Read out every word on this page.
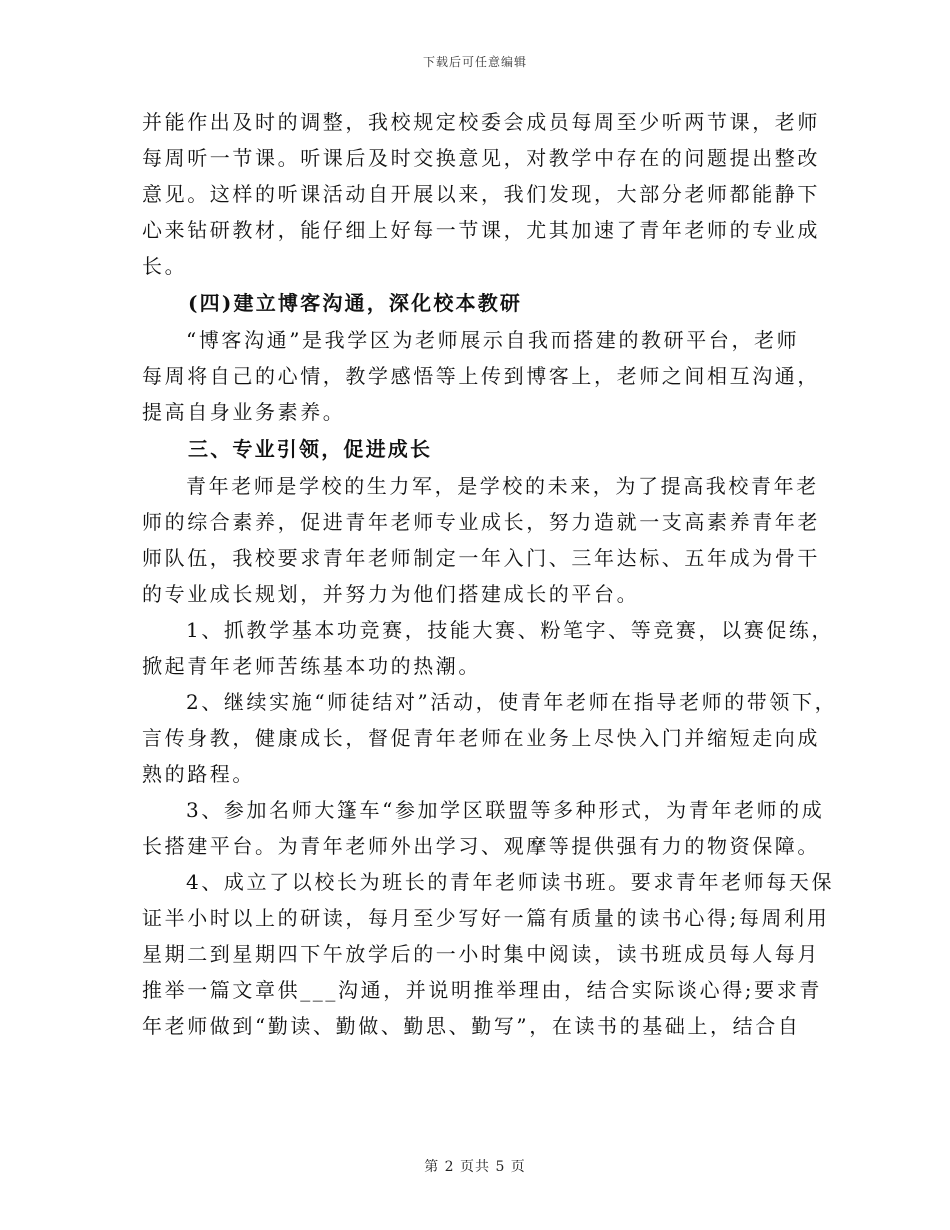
下载后可任意编辑
并能作出及时的调整，我校规定校委会成员每周至少听两节课，老师
每周听一节课。听课后及时交换意见，对教学中存在的问题提出整改
意见。这样的听课活动自开展以来，我们发现，大部分老师都能静下
心来钻研教材，能仔细上好每一节课，尤其加速了青年老师的专业成
长。
(四)建立博客沟通，深化校本教研
“博客沟通”是我学区为老师展示自我而搭建的教研平台，老师
每周将自己的心情，教学感悟等上传到博客上，老师之间相互沟通，
提高自身业务素养。
三、专业引领，促进成长
青年老师是学校的生力军，是学校的未来，为了提高我校青年老
师的综合素养，促进青年老师专业成长，努力造就一支高素养青年老
师队伍，我校要求青年老师制定一年入门、三年达标、五年成为骨干
的专业成长规划，并努力为他们搭建成长的平台。
1、抓教学基本功竞赛，技能大赛、粉笔字、等竞赛，以赛促练，
掀起青年老师苦练基本功的热潮。
2、继续实施“师徒结对”活动，使青年老师在指导老师的带领下，
言传身教，健康成长，督促青年老师在业务上尽快入门并缩短走向成
熟的路程。
3、参加名师大篷车“参加学区联盟等多种形式，为青年老师的成
长搭建平台。为青年老师外出学习、观摩等提供强有力的物资保障。
4、成立了以校长为班长的青年老师读书班。要求青年老师每天保
证半小时以上的研读，每月至少写好一篇有质量的读书心得;每周利用
星期二到星期四下午放学后的一小时集中阅读，读书班成员每人每月
推举一篇文章供___沟通，并说明推举理由，结合实际谈心得;要求青
年老师做到“勤读、勤做、勤思、勤写”，在读书的基础上，结合自
第 2 页共 5 页
